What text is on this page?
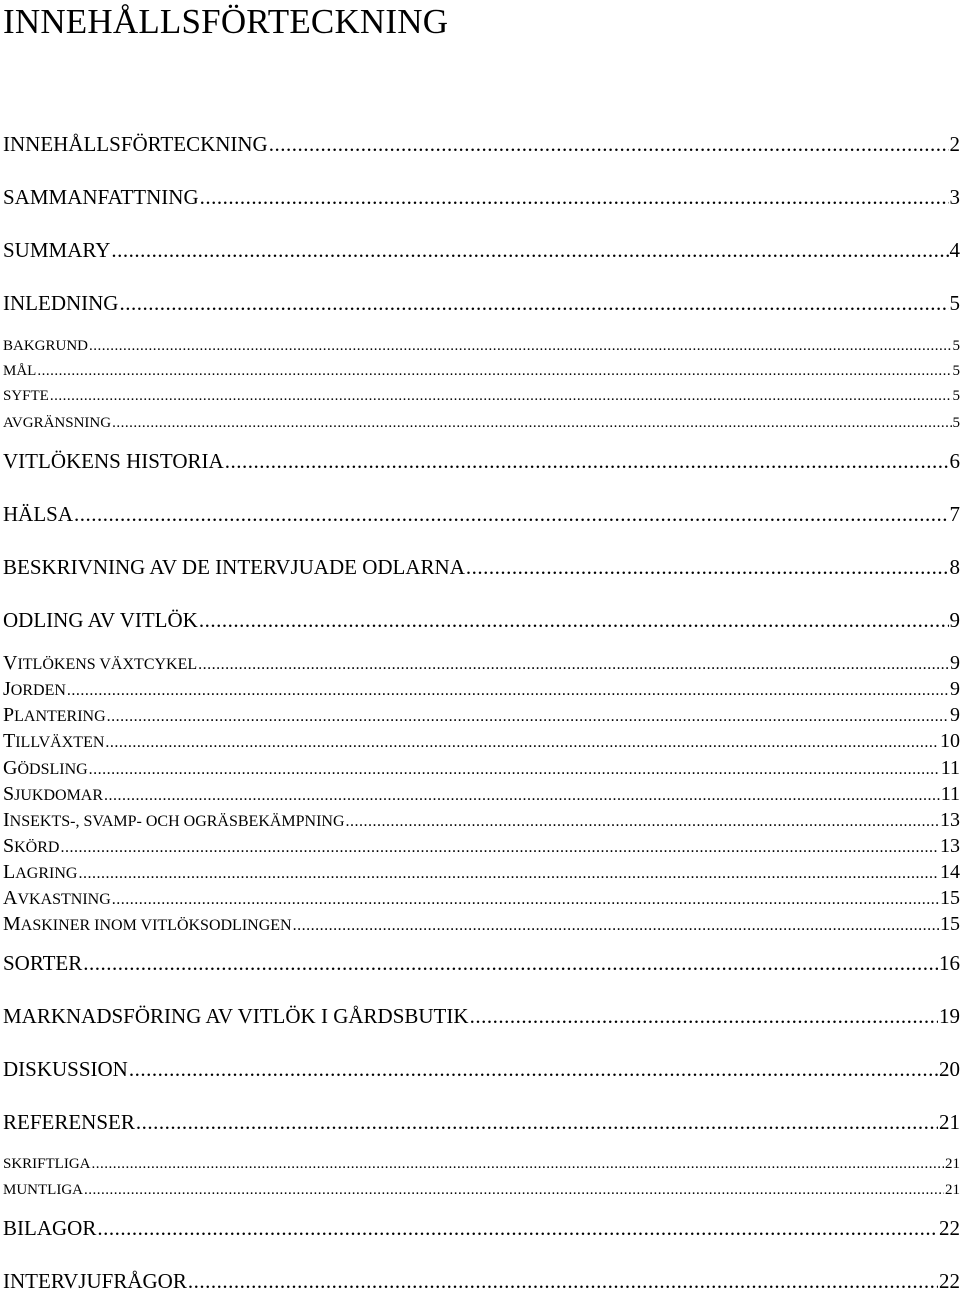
INNEHÅLLSFÖRTECKNING
INNEHÅLLSFÖRTECKNING .....	2
SAMMANFATTNING .....	3
SUMMARY .....	4
INLEDNING .....	5
BAKGRUND .....	5
MÅL .....	5
SYFTE .....	5
AVGRÄNSNING .....	5
VITLÖKENS HISTORIA .....	6
HÄLSA .....	7
BESKRIVNING AV DE INTERVJUADE ODLARNA .....	8
ODLING AV VITLÖK .....	9
VITLÖKENS VÄXTCYKEL .....	9
JORDEN .....	9
PLANTERING .....	9
TILLVÄXTEN .....	10
GÖDSLING .....	11
SJUKDOMAR .....	11
INSEKTS-, SVAMP- OCH OGRÄSBEKÄMPNING .....	13
SKÖRD .....	13
LAGRING .....	14
AVKASTNING .....	15
MASKINER INOM VITLÖKSODLINGEN .....	15
SORTER .....	16
MARKNADSFÖRING AV VITLÖK I GÅRDSBUTIK .....	19
DISKUSSION .....	20
REFERENSER .....	21
SKRIFTLIGA .....	21
MUNTLIGA .....	21
BILAGOR .....	22
INTERVJUFRÅGOR .....	22
